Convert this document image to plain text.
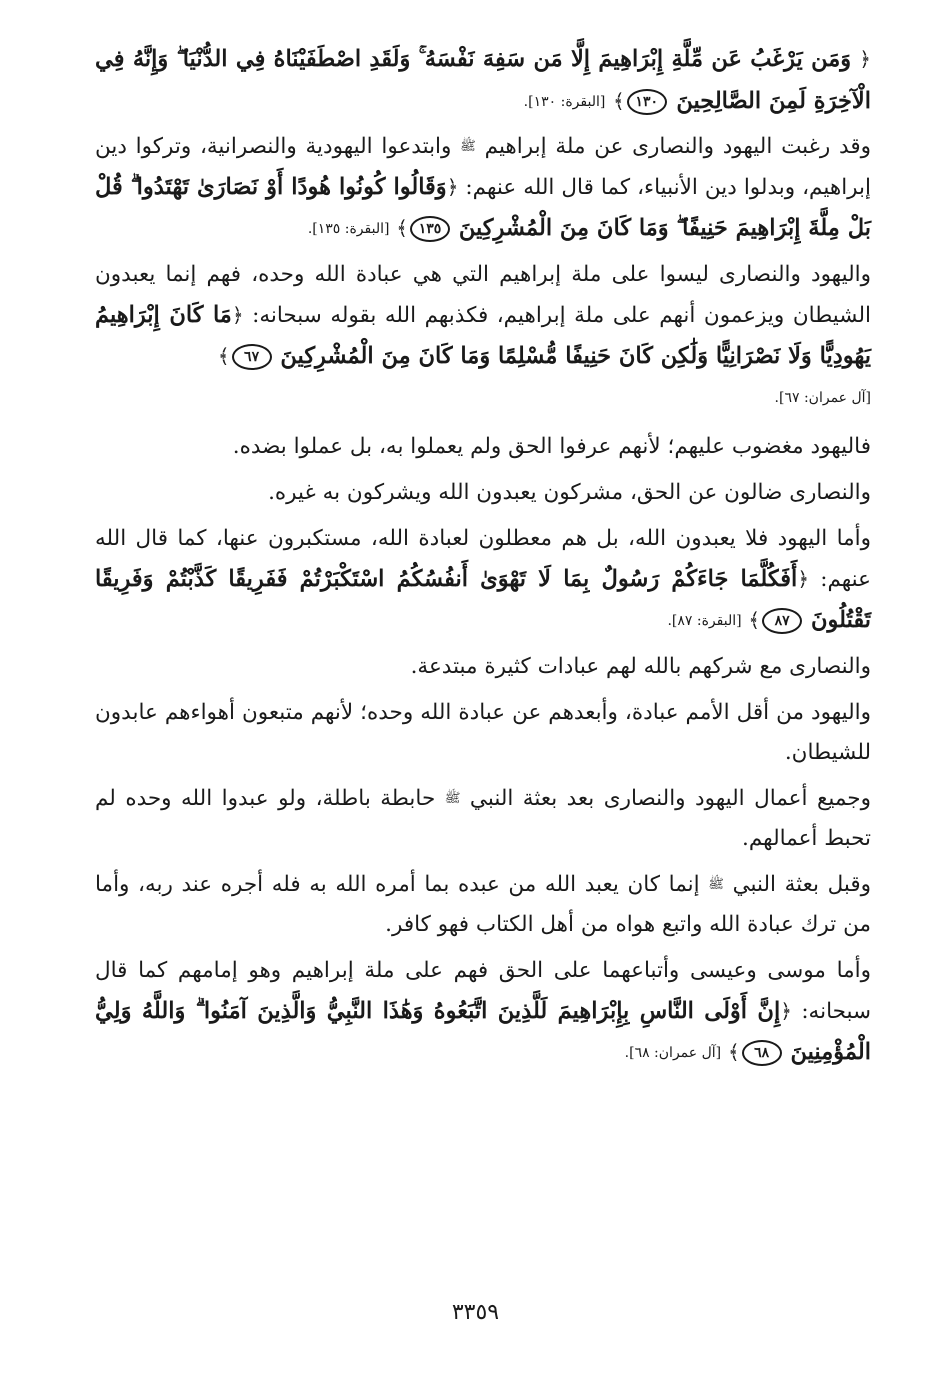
﴿ وَمَن يَرْغَبُ عَن مِّلَّةِ إِبْرَاهِيمَ إِلَّا مَن سَفِهَ نَفْسَهُ ۚ وَلَقَدِ اصْطَفَيْنَاهُ فِي الدُّنْيَا ۖ وَإِنَّهُ فِي الْآخِرَةِ لَمِنَ الصَّالِحِينَ ١٣٠﴾ [البقرة: ١٣٠].

وقد رغبت اليهود والنصارى عن ملة إبراهيم ﷺ وابتدعوا اليهودية والنصرانية، وتركوا دين إبراهيم، وبدلوا دين الأنبياء، كما قال الله عنهم: ﴿وَقَالُوا كُونُوا هُودًا أَوْ نَصَارَىٰ تَهْتَدُوا ۗ قُلْ بَلْ مِلَّةَ إِبْرَاهِيمَ حَنِيفًا ۖ وَمَا كَانَ مِنَ الْمُشْرِكِينَ ١٣٥﴾ [البقرة: ١٣٥].

واليهود والنصارى ليسوا على ملة إبراهيم التي هي عبادة الله وحده، فهم إنما يعبدون الشيطان ويزعمون أنهم على ملة إبراهيم، فكذبهم الله بقوله سبحانه: ﴿مَا كَانَ إِبْرَاهِيمُ يَهُودِيًّا وَلَا نَصْرَانِيًّا وَلَٰكِن كَانَ حَنِيفًا مُّسْلِمًا وَمَا كَانَ مِنَ الْمُشْرِكِينَ ٦٧﴾

[آل عمران: ٦٧].

فاليهود مغضوب عليهم؛ لأنهم عرفوا الحق ولم يعملوا به، بل عملوا بضده.

والنصارى ضالون عن الحق، مشركون يعبدون الله ويشركون به غيره.

وأما اليهود فلا يعبدون الله، بل هم معطلون لعبادة الله، مستكبرون عنها، كما قال الله عنهم: ﴿أَفَكُلَّمَا جَاءَكُمْ رَسُولٌ بِمَا لَا تَهْوَىٰ أَنفُسُكُمُ اسْتَكْبَرْتُمْ فَفَرِيقًا كَذَّبْتُمْ وَفَرِيقًا تَقْتُلُونَ ٨٧﴾ [البقرة: ٨٧].

والنصارى مع شركهم بالله لهم عبادات كثيرة مبتدعة.

واليهود من أقل الأمم عبادة، وأبعدهم عن عبادة الله وحده؛ لأنهم متبعون أهواءهم عابدون للشيطان.

وجميع أعمال اليهود والنصارى بعد بعثة النبي ﷺ حابطة باطلة، ولو عبدوا الله وحده لم تحبط أعمالهم.

وقبل بعثة النبي ﷺ إنما كان يعبد الله من عبده بما أمره الله به فله أجره عند ربه، وأما من ترك عبادة الله واتبع هواه من أهل الكتاب فهو كافر.

وأما موسى وعيسى وأتباعهما على الحق فهم على ملة إبراهيم وهو إمامهم كما قال سبحانه: ﴿إِنَّ أَوْلَى النَّاسِ بِإِبْرَاهِيمَ لَلَّذِينَ اتَّبَعُوهُ وَهَٰذَا النَّبِيُّ وَالَّذِينَ آمَنُوا ۗ وَاللَّهُ وَلِيُّ الْمُؤْمِنِينَ ٦٨﴾ [آل عمران: ٦٨].

٣٣٥٩
